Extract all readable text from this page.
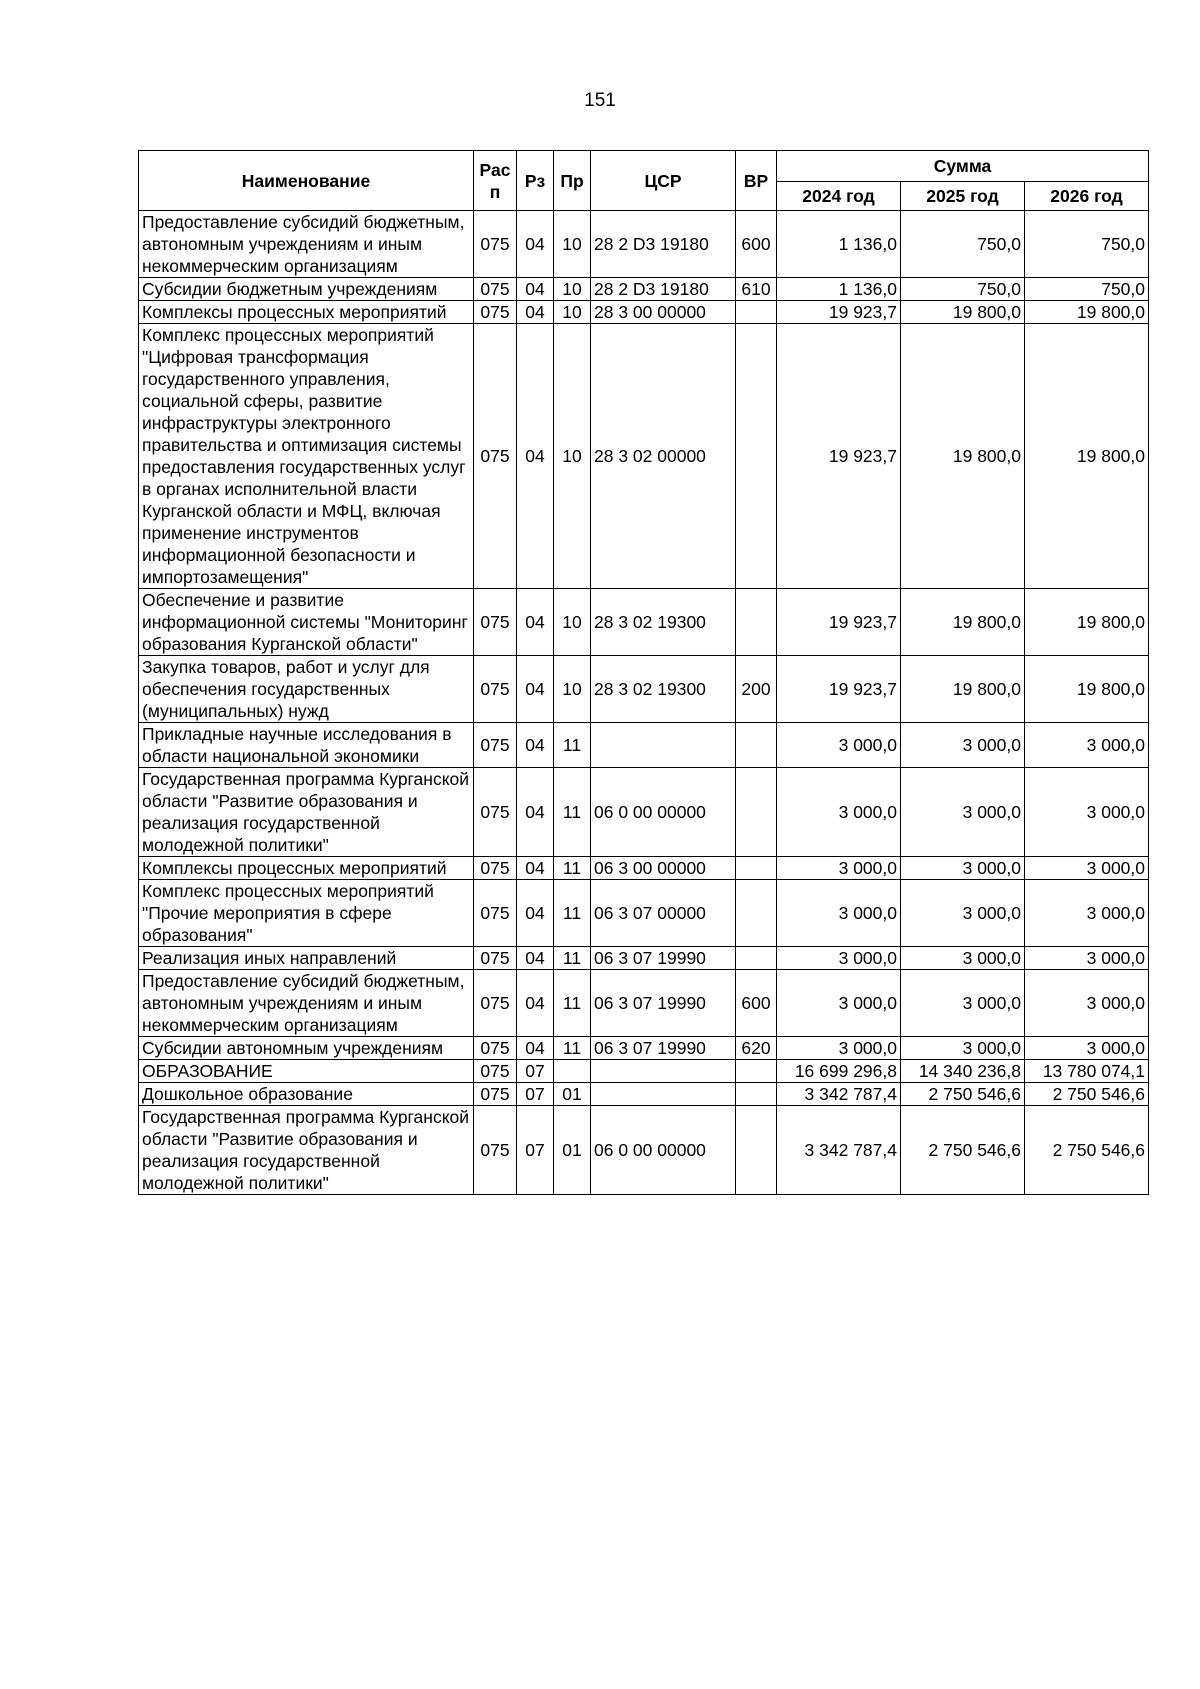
151
Наименование	Рас п	Рз	Пр	ЦСР	ВР	Сумма		
						2024 год	2025 год	2026 год
Предоставление субсидий бюджетным, автономным учреждениям и иным некоммерческим организациям	075	04	10	28 2 D3 19180	600	1 136,0	750,0	750,0
Субсидии бюджетным учреждениям	075	04	10	28 2 D3 19180	610	1 136,0	750,0	750,0
Комплексы процессных мероприятий	075	04	10	28 3 00 00000		19 923,7	19 800,0	19 800,0
Комплекс процессных мероприятий "Цифровая трансформация государственного управления, социальной сферы, развитие инфраструктуры электронного правительства и оптимизация системы предоставления государственных услуг в органах исполнительной власти Курганской области и МФЦ, включая применение инструментов информационной безопасности и импортозамещения"	075	04	10	28 3 02 00000		19 923,7	19 800,0	19 800,0
Обеспечение и развитие информационной системы "Мониторинг образования Курганской области"	075	04	10	28 3 02 19300		19 923,7	19 800,0	19 800,0
Закупка товаров, работ и услуг для обеспечения государственных (муниципальных) нужд	075	04	10	28 3 02 19300	200	19 923,7	19 800,0	19 800,0
Прикладные научные исследования в области национальной экономики	075	04	11			3 000,0	3 000,0	3 000,0
Государственная программа Курганской области "Развитие образования и реализация государственной молодежной политики"	075	04	11	06 0 00 00000		3 000,0	3 000,0	3 000,0
Комплексы процессных мероприятий	075	04	11	06 3 00 00000		3 000,0	3 000,0	3 000,0
Комплекс процессных мероприятий "Прочие мероприятия в сфере образования"	075	04	11	06 3 07 00000		3 000,0	3 000,0	3 000,0
Реализация иных направлений	075	04	11	06 3 07 19990		3 000,0	3 000,0	3 000,0
Предоставление субсидий бюджетным, автономным учреждениям и иным некоммерческим организациям	075	04	11	06 3 07 19990	600	3 000,0	3 000,0	3 000,0
Субсидии автономным учреждениям	075	04	11	06 3 07 19990	620	3 000,0	3 000,0	3 000,0
ОБРАЗОВАНИЕ	075	07				16 699 296,8	14 340 236,8	13 780 074,1
Дошкольное образование	075	07	01			3 342 787,4	2 750 546,6	2 750 546,6
Государственная программа Курганской области "Развитие образования и реализация государственной молодежной политики"	075	07	01	06 0 00 00000		3 342 787,4	2 750 546,6	2 750 546,6
